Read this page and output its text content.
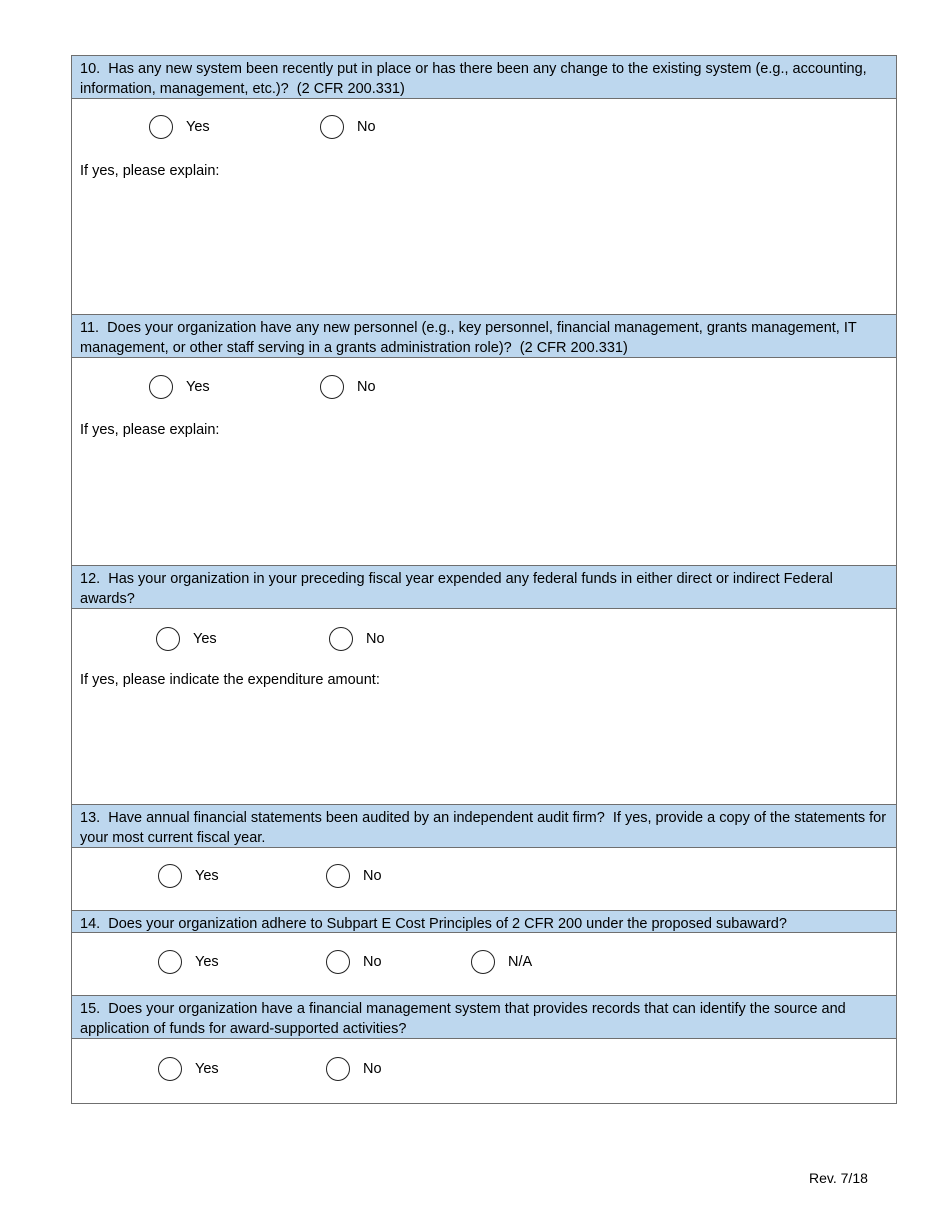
10. Has any new system been recently put in place or has there been any change to the existing system (e.g., accounting, information, management, etc.)?  (2 CFR 200.331)
Yes	No
If yes, please explain:
11. Does your organization have any new personnel (e.g., key personnel, financial management, grants management, IT management, or other staff serving in a grants administration role)?  (2 CFR 200.331)
Yes	No
If yes, please explain:
12. Has your organization in your preceding fiscal year expended any federal funds in either direct or indirect Federal awards?
Yes	No
If yes, please indicate the expenditure amount:
13. Have annual financial statements been audited by an independent audit firm?  If yes, provide a copy of the statements for your most current fiscal year.
Yes	No
14. Does your organization adhere to Subpart E Cost Principles of 2 CFR 200 under the proposed subaward?
Yes	No	N/A
15. Does your organization have a financial management system that provides records that can identify the source and application of funds for award-supported activities?
Yes	No
Rev. 7/18
